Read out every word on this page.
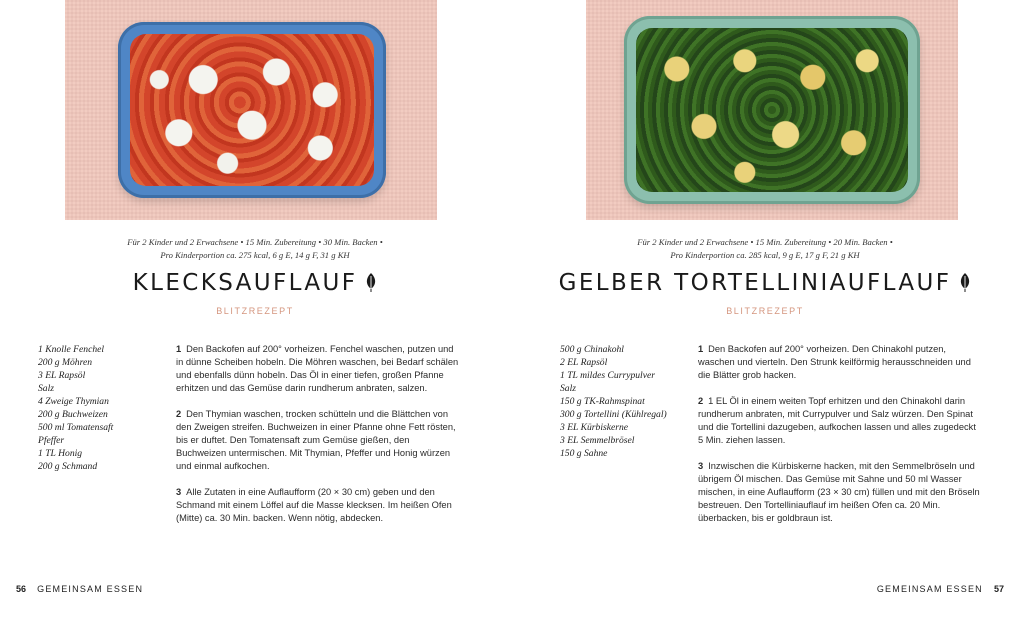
Für 2 Kinder und 2 Erwachsene • 15 Min. Zubereitung • 30 Min. Backen •
Pro Kinderportion ca. 275 kcal, 6 g E, 14 g F, 31 g KH
KLECKSAUFLAUF
BLITZREZEPT
1 Knolle Fenchel
200 g Möhren
3 EL Rapsöl
Salz
4 Zweige Thymian
200 g Buchweizen
500 ml Tomatensaft
Pfeffer
1 TL Honig
200 g Schmand

1 Den Backofen auf 200° vorheizen. Fenchel waschen, putzen und in dünne Scheiben hobeln. Die Möhren waschen, bei Bedarf schälen und ebenfalls dünn hobeln. Das Öl in einer tiefen, großen Pfanne erhitzen und das Gemüse darin rundherum anbraten, salzen.

2 Den Thymian waschen, trocken schütteln und die Blättchen von den Zweigen streifen. Buchweizen in einer Pfanne ohne Fett rösten, bis er duftet. Den Tomatensaft zum Gemüse gießen, den Buchweizen untermischen. Mit Thymian, Pfeffer und Honig würzen und einmal aufkochen.

3 Alle Zutaten in eine Auflaufform (20 × 30 cm) geben und den Schmand mit einem Löffel auf die Masse klecksen. Im heißen Ofen (Mitte) ca. 30 Min. backen. Wenn nötig, abdecken.

56 GEMEINSAM ESSEN
Für 2 Kinder und 2 Erwachsene • 15 Min. Zubereitung • 20 Min. Backen •
Pro Kinderportion ca. 285 kcal, 9 g E, 17 g F, 21 g KH
GELBER TORTELLINIAUFLAUF
BLITZREZEPT
500 g Chinakohl
2 EL Rapsöl
1 TL mildes Currypulver
Salz
150 g TK-Rahmspinat
300 g Tortellini (Kühlregal)
3 EL Kürbiskerne
3 EL Semmelbrösel
150 g Sahne

1 Den Backofen auf 200° vorheizen. Den Chinakohl putzen, waschen und vierteln. Den Strunk keilförmig herausschneiden und die Blätter grob hacken.

2 1 EL Öl in einem weiten Topf erhitzen und den Chinakohl darin rundherum anbraten, mit Currypulver und Salz würzen. Den Spinat und die Tortellini dazugeben, aufkochen lassen und alles zugedeckt 5 Min. ziehen lassen.

3 Inzwischen die Kürbiskerne hacken, mit den Semmelbröseln und übrigem Öl mischen. Das Gemüse mit Sahne und 50 ml Wasser mischen, in eine Auflaufform (23 × 30 cm) füllen und mit den Bröseln bestreuen. Den Tortelliniauflauf im heißen Ofen ca. 20 Min. überbacken, bis er goldbraun ist.

GEMEINSAM ESSEN 57
